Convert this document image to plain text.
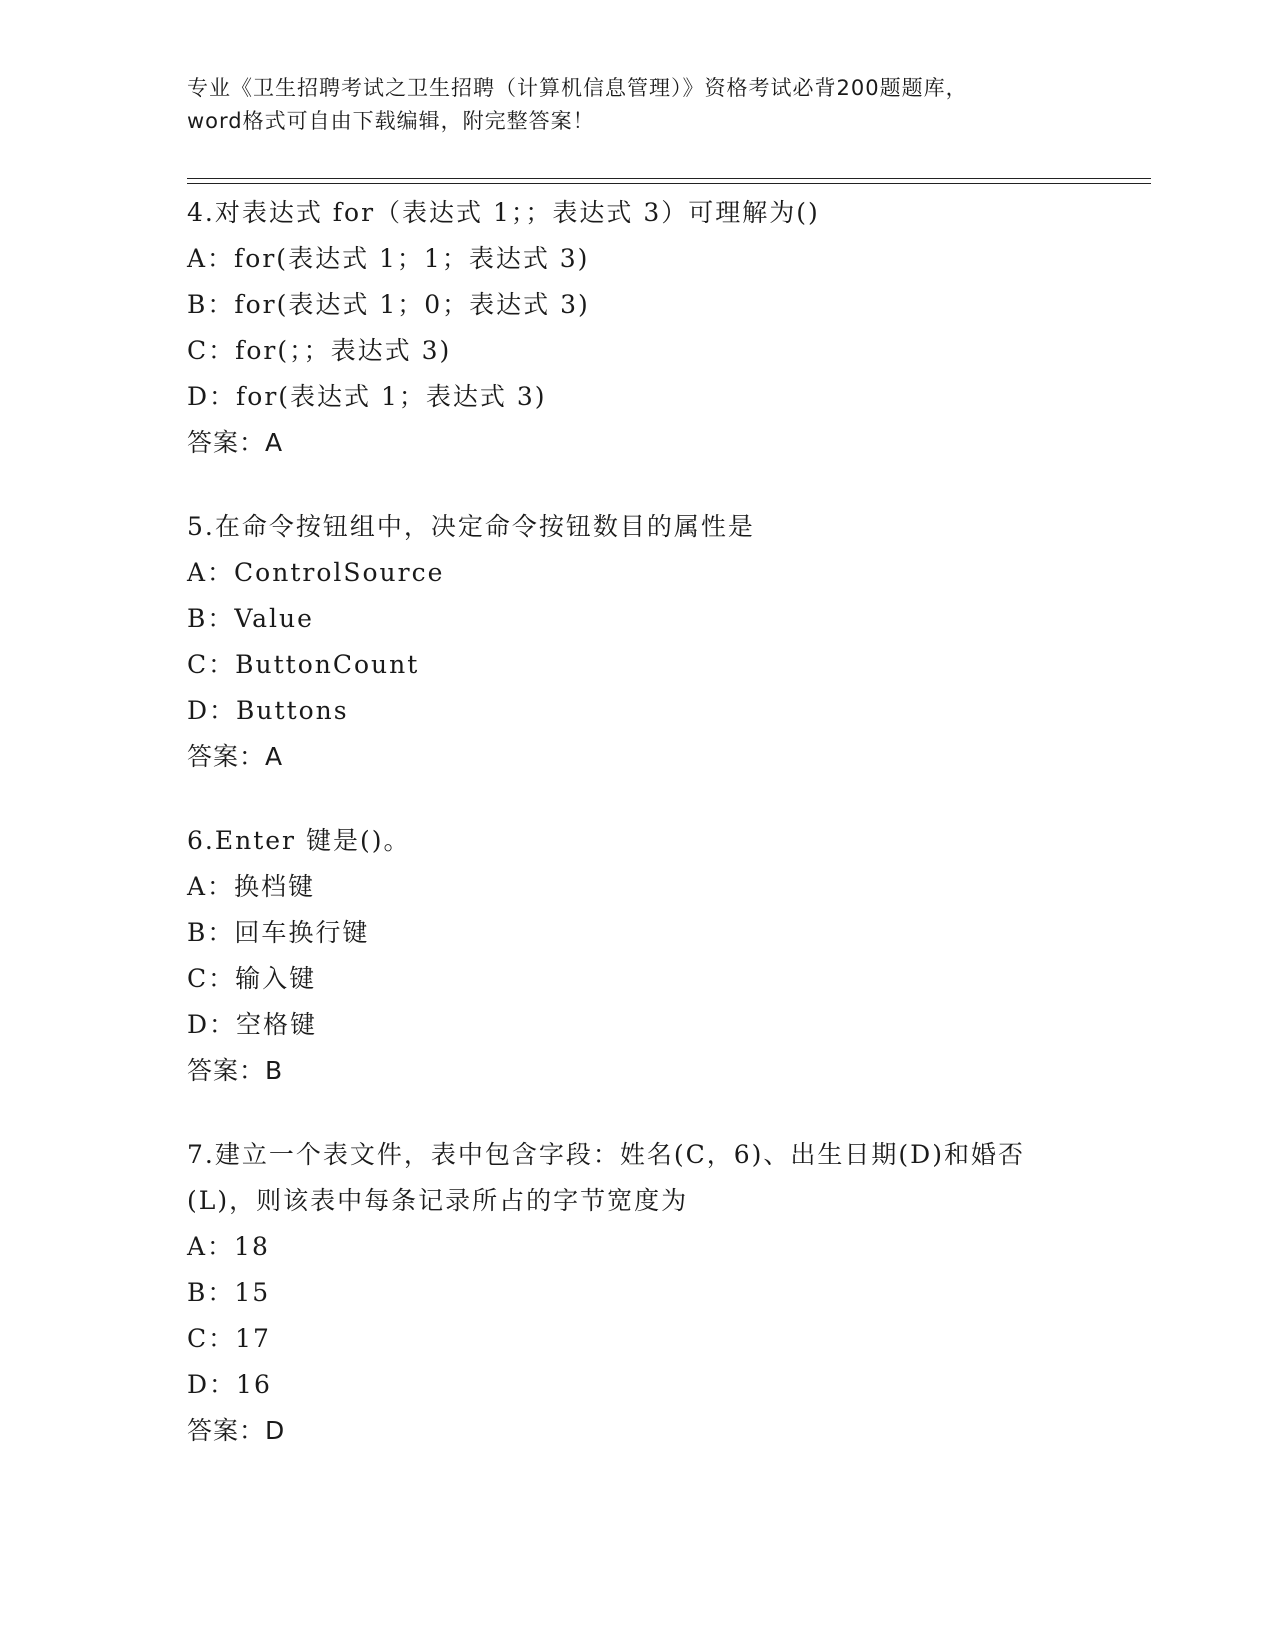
专业《卫生招聘考试之卫生招聘（计算机信息管理）》资格考试必背200题题库，
word格式可自由下载编辑，附完整答案！
4.对表达式 for（表达式 1；；表达式 3）可理解为()
A：for(表达式 1；1；表达式 3)
B：for(表达式 1；0；表达式 3)
C：for(；；表达式 3)
D：for(表达式 1；表达式 3)
答案：A
5.在命令按钮组中，决定命令按钮数目的属性是
A：ControlSource
B：Value
C：ButtonCount
D：Buttons
答案：A
6.Enter 键是()。
A：换档键
B：回车换行键
C：输入键
D：空格键
答案：B
7.建立一个表文件，表中包含字段：姓名(C，6)、出生日期(D)和婚否
(L)，则该表中每条记录所占的字节宽度为
A：18
B：15
C：17
D：16
答案：D
